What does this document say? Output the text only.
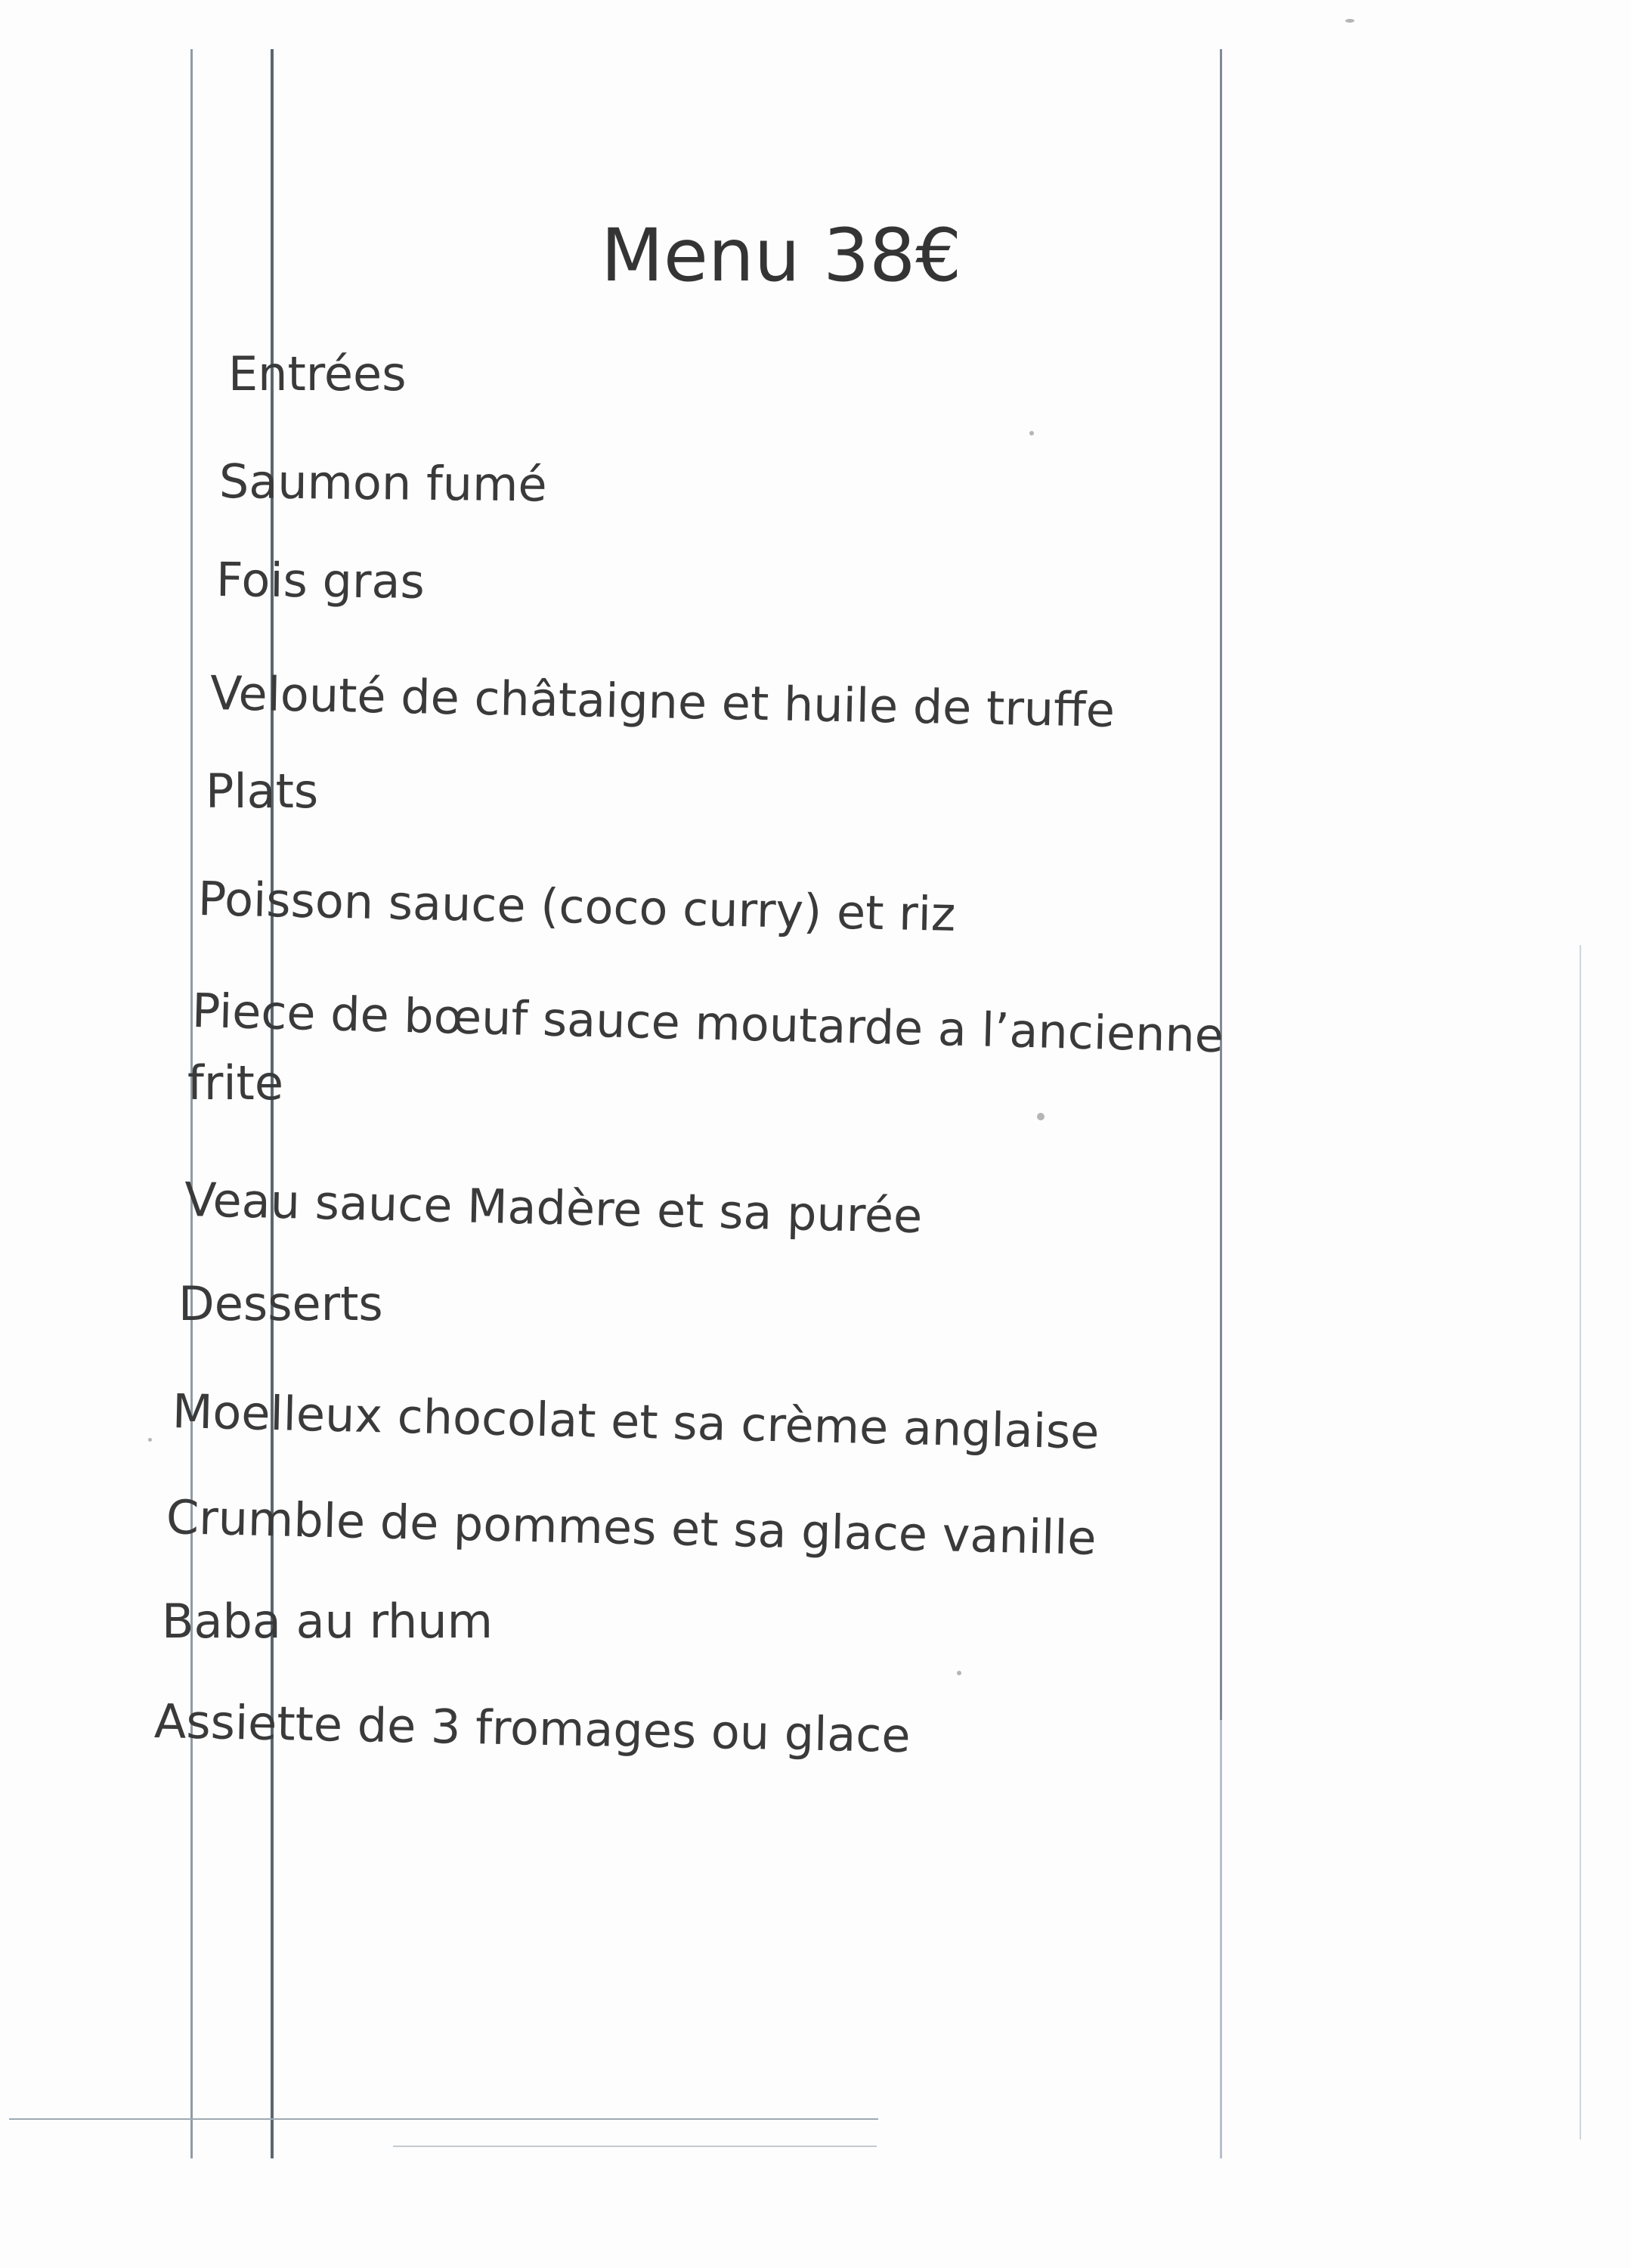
Menu 38€
Entrées
Saumon fumé
Fois gras
Velouté de châtaigne et huile de truffe
Plats
Poisson sauce (coco curry) et riz
Piece de bœuf sauce moutarde a l’ancienne
frite
Veau sauce Madère et sa purée
Desserts
Moelleux chocolat et sa crème anglaise
Crumble de pommes et sa glace vanille
Baba au rhum
Assiette de 3 fromages ou glace
